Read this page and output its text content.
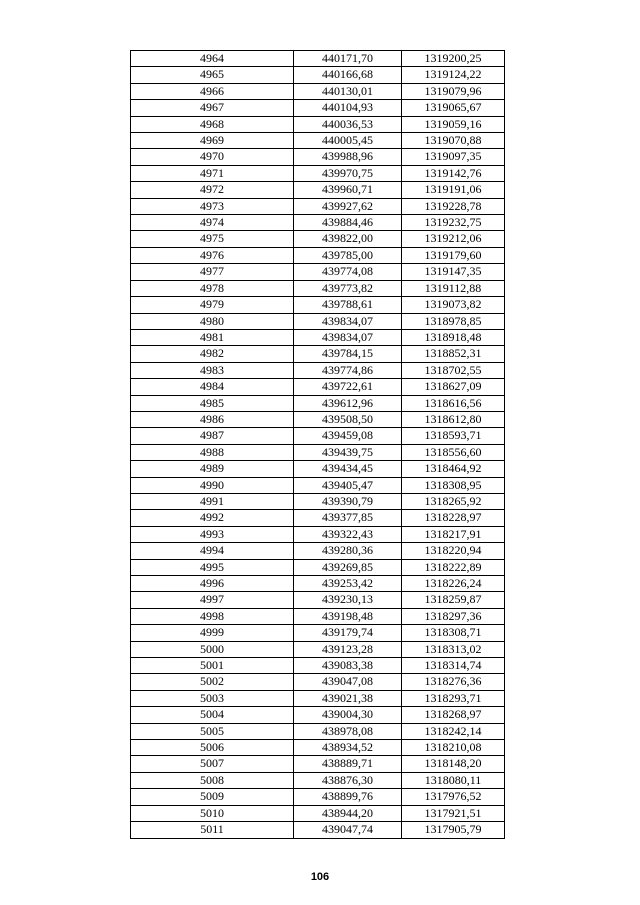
4964	440171,70	1319200,25
4965	440166,68	1319124,22
4966	440130,01	1319079,96
4967	440104,93	1319065,67
4968	440036,53	1319059,16
4969	440005,45	1319070,88
4970	439988,96	1319097,35
4971	439970,75	1319142,76
4972	439960,71	1319191,06
4973	439927,62	1319228,78
4974	439884,46	1319232,75
4975	439822,00	1319212,06
4976	439785,00	1319179,60
4977	439774,08	1319147,35
4978	439773,82	1319112,88
4979	439788,61	1319073,82
4980	439834,07	1318978,85
4981	439834,07	1318918,48
4982	439784,15	1318852,31
4983	439774,86	1318702,55
4984	439722,61	1318627,09
4985	439612,96	1318616,56
4986	439508,50	1318612,80
4987	439459,08	1318593,71
4988	439439,75	1318556,60
4989	439434,45	1318464,92
4990	439405,47	1318308,95
4991	439390,79	1318265,92
4992	439377,85	1318228,97
4993	439322,43	1318217,91
4994	439280,36	1318220,94
4995	439269,85	1318222,89
4996	439253,42	1318226,24
4997	439230,13	1318259,87
4998	439198,48	1318297,36
4999	439179,74	1318308,71
5000	439123,28	1318313,02
5001	439083,38	1318314,74
5002	439047,08	1318276,36
5003	439021,38	1318293,71
5004	439004,30	1318268,97
5005	438978,08	1318242,14
5006	438934,52	1318210,08
5007	438889,71	1318148,20
5008	438876,30	1318080,11
5009	438899,76	1317976,52
5010	438944,20	1317921,51
5011	439047,74	1317905,79
106
